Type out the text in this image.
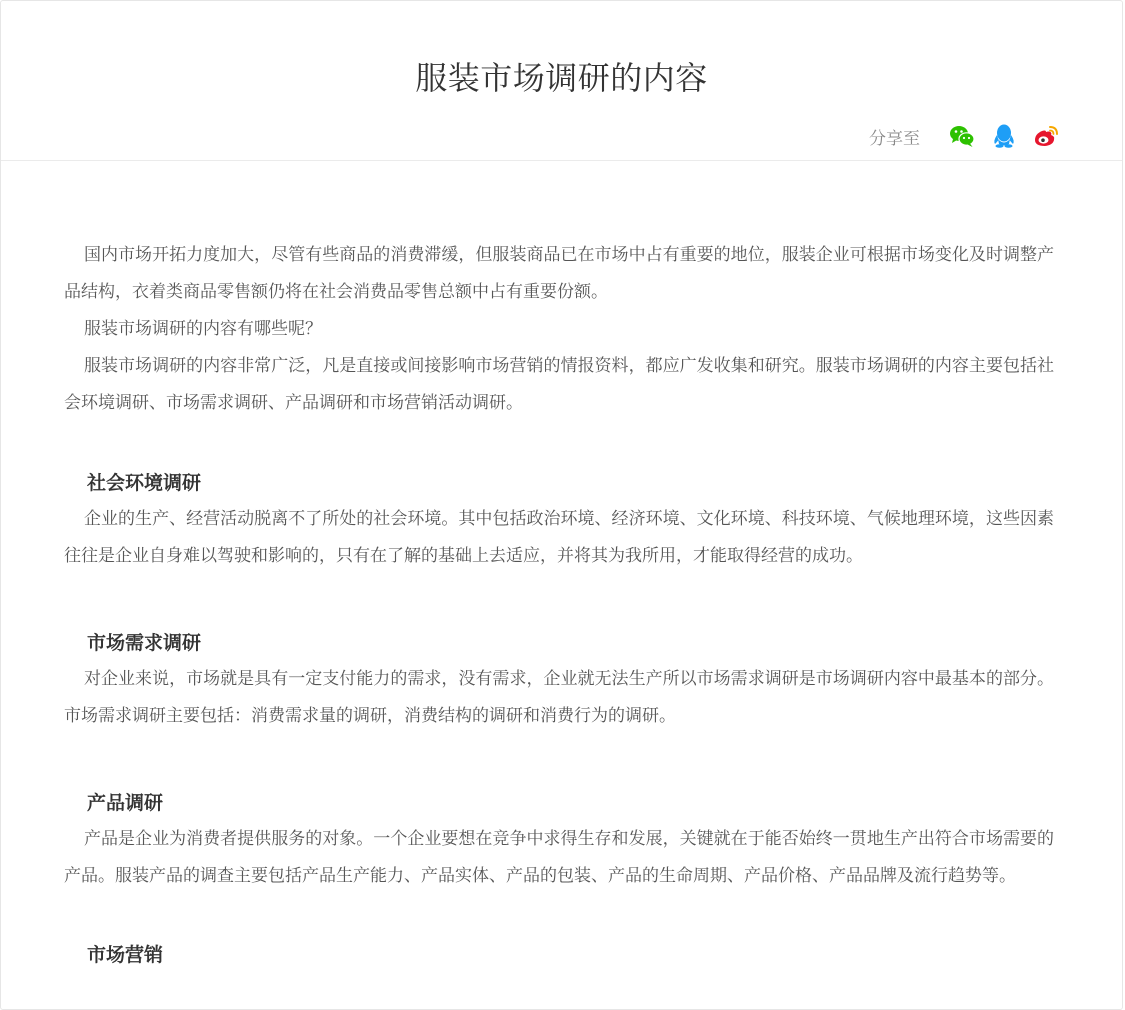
服装市场调研的内容
分享至

国内市场开拓力度加大，尽管有些商品的消费滞缓，但服装商品已在市场中占有重要的地位，服装企业可根据市场变化及时调整产品结构，衣着类商品零售额仍将在社会消费品零售总额中占有重要份额。

服装市场调研的内容有哪些呢？

服装市场调研的内容非常广泛，凡是直接或间接影响市场营销的情报资料，都应广发收集和研究。服装市场调研的内容主要包括社会环境调研、市场需求调研、产品调研和市场营销活动调研。

社会环境调研

企业的生产、经营活动脱离不了所处的社会环境。其中包括政治环境、经济环境、文化环境、科技环境、气候地理环境，这些因素往往是企业自身难以驾驶和影响的，只有在了解的基础上去适应，并将其为我所用，才能取得经营的成功。

市场需求调研

对企业来说，市场就是具有一定支付能力的需求，没有需求，企业就无法生产所以市场需求调研是市场调研内容中最基本的部分。市场需求调研主要包括：消费需求量的调研，消费结构的调研和消费行为的调研。

产品调研

产品是企业为消费者提供服务的对象。一个企业要想在竞争中求得生存和发展，关键就在于能否始终一贯地生产出符合市场需要的产品。服装产品的调查主要包括产品生产能力、产品实体、产品的包装、产品的生命周期、产品价格、产品品牌及流行趋势等。

市场营销
